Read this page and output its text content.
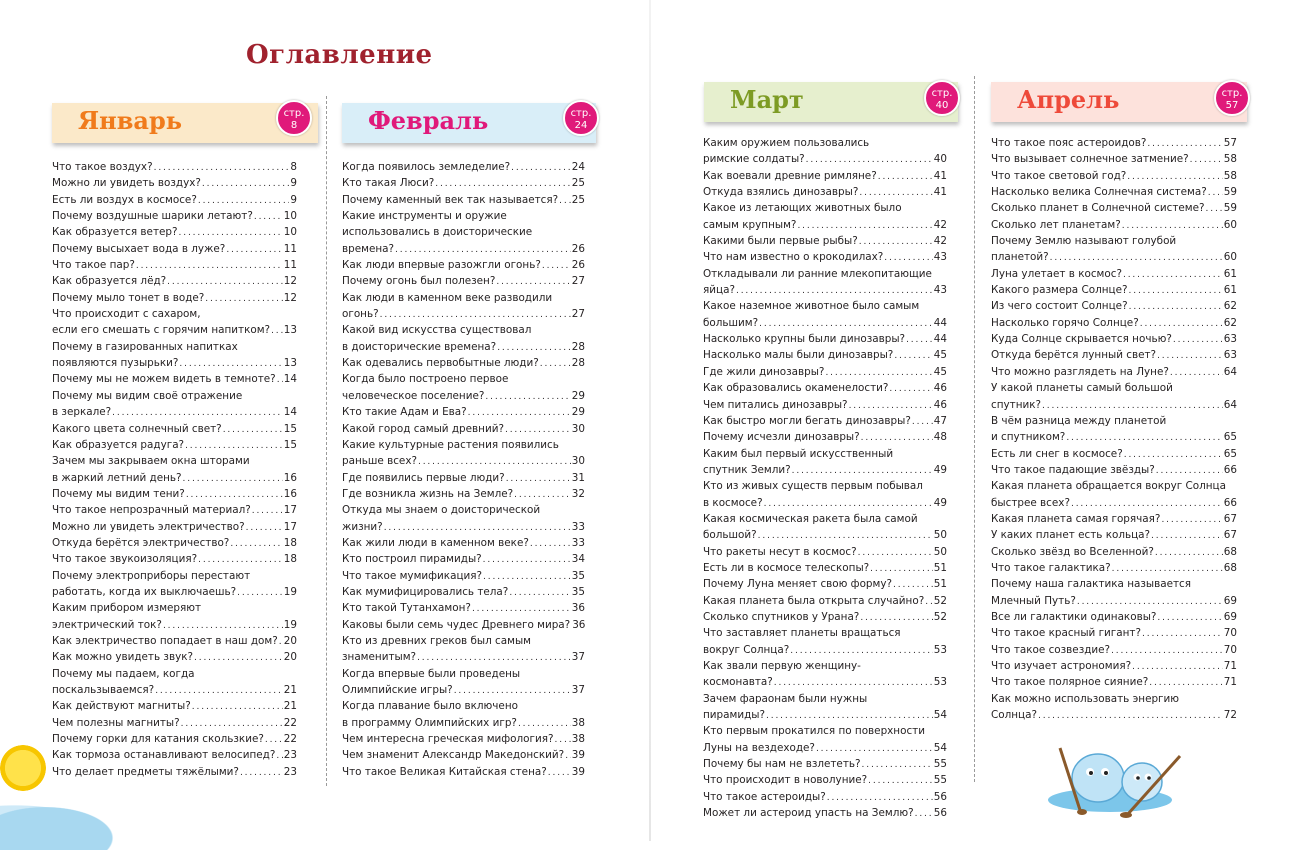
Оглавление
Январь	стр.
8
Что такое воздух? . . .	8
Можно ли увидеть воздух? . . .	9
Есть ли воздух в космосе? . . .	9
Почему воздушные шарики летают? . . .	10
Как образуется ветер? . . .	10
Почему высыхает вода в луже? . . .	11
Что такое пар? . . .	11
Как образуется лёд? . . .	12
Почему мыло тонет в воде? . . .	12
Что происходит с сахаром,
если его смешать с горячим напитком? . . . 13
Почему в газированных напитках
появляются пузырьки? . . .	13
Почему мы не можем видеть в темноте? . . . 14
Почему мы видим своё отражение
в зеркале? . . .	14
Какого цвета солнечный свет? . . .	15
Как образуется радуга? . . .	15
Зачем мы закрываем окна шторами
в жаркий летний день? . . .	16
Почему мы видим тени? . . .	16
Что такое непрозрачный материал? . . .	17
Можно ли увидеть электричество? . . .	17
Откуда берётся электричество? . . .	18
Что такое звукоизоляция? . . .	18
Почему электроприборы перестают
работать, когда их выключаешь? . . .	19
Каким прибором измеряют
электрический ток? . . .	19
Как электричество попадает в наш дом? . . . 20
Как можно увидеть звук? . . .	20
Почему мы падаем, когда
поскальзываемся? . . .	21
Как действуют магниты? . . .	21
Чем полезны магниты? . . .	22
Почему горки для катания скользкие? . . . 22
Как тормоза останавливают велосипед? . . . 23
Что делает предметы тяжёлыми? . . .	23
Февраль	стр.
24
Когда появилось земледелие? . . .	24
Кто такая Люси? . . .	25
Почему каменный век так называется? . . . 25
Какие инструменты и оружие
использовались в доисторические
времена? . . .	26
Как люди впервые разожгли огонь? . . .	26
Почему огонь был полезен? . . .	27
Как люди в каменном веке разводили
огонь? . . .	27
Какой вид искусства существовал
в доисторические времена? . . .	28
Как одевались первобытные люди? . . .	28
Когда было построено первое
человеческое поселение? . . .	29
Кто такие Адам и Ева? . . .	29
Какой город самый древний? . . .	30
Какие культурные растения появились
раньше всех? . . .	30
Где появились первые люди? . . .	31
Где возникла жизнь на Земле? . . .	32
Откуда мы знаем о доисторической
жизни? . . .	33
Как жили люди в каменном веке? . . .	33
Кто построил пирамиды? . . .	34
Что такое мумификация? . . .	35
Как мумифицировались тела? . . .	35
Кто такой Тутанхамон? . . .	36
Каковы были семь чудес Древнего мира? 36
Кто из древних греков был самым
знаменитым? . . .	37
Когда впервые были проведены
Олимпийские игры? . . .	37
Когда плавание было включено
в программу Олимпийских игр? . . .	38
Чем интересна греческая мифология? . . . 38
Чем знаменит Александр Македонский? . . . 39
Что такое Великая Китайская стена? . . . 39
Март	стр.
40
Каким оружием пользовались
римские солдаты? . . .	40
Как воевали древние римляне? . . .	41
Откуда взялись динозавры? . . .	41
Какое из летающих животных было
самым крупным? . . .	42
Какими были первые рыбы? . . .	42
Что нам известно о крокодилах? . . .	43
Откладывали ли ранние млекопитающие
яйца? . . .	43
Какое наземное животное было самым
большим? . . .	44
Насколько крупны были динозавры? . . .	44
Насколько малы были динозавры? . . .	45
Где жили динозавры? . . .	45
Как образовались окаменелости? . . .	46
Чем питались динозавры? . . .	46
Как быстро могли бегать динозавры? . . . 47
Почему исчезли динозавры? . . .	48
Каким был первый искусственный
спутник Земли? . . .	49
Кто из живых существ первым побывал
в космосе? . . .	49
Какая космическая ракета была самой
большой? . . .	50
Что ракеты несут в космос? . . .	50
Есть ли в космосе телескопы? . . .	51
Почему Луна меняет свою форму? . . .	51
Какая планета была открыта случайно? . . . 52
Сколько спутников у Урана? . . .	52
Что заставляет планеты вращаться
вокруг Солнца? . . .	53
Как звали первую женщину-
космонавта? . . .	53
Зачем фараонам были нужны
пирамиды? . . .	54
Кто первым прокатился по поверхности
Луны на вездеходе? . . .	54
Почему бы нам не взлететь? . . .	55
Что происходит в новолуние? . . .	55
Что такое астероиды? . . .	56
Может ли астероид упасть на Землю? . . . 56
Апрель	стр.
57
Что такое пояс астероидов? . . .	57
Что вызывает солнечное затмение? . . .	58
Что такое световой год? . . .	58
Насколько велика Солнечная система? . . . 59
Сколько планет в Солнечной системе? . . . 59
Сколько лет планетам? . . .	60
Почему Землю называют голубой
планетой? . . .	60
Луна улетает в космос? . . .	61
Какого размера Солнце? . . .	61
Из чего состоит Солнце? . . .	62
Насколько горячо Солнце? . . .	62
Куда Солнце скрывается ночью? . . .	63
Откуда берётся лунный свет? . . .	63
Что можно разглядеть на Луне? . . .	64
У какой планеты самый большой
спутник? . . .	64
В чём разница между планетой
и спутником? . . .	65
Есть ли снег в космосе? . . .	65
Что такое падающие звёзды? . . .	66
Какая планета обращается вокруг Солнца
быстрее всех? . . .	66
Какая планета самая горячая? . . .	67
У каких планет есть кольца? . . .	67
Сколько звёзд во Вселенной? . . .	68
Что такое галактика? . . .	68
Почему наша галактика называется
Млечный Путь? . . .	69
Все ли галактики одинаковы? . . .	69
Что такое красный гигант? . . .	70
Что такое созвездие? . . .	70
Что изучает астрономия? . . .	71
Что такое полярное сияние? . . .	71
Как можно использовать энергию
Солнца? . . .	72
